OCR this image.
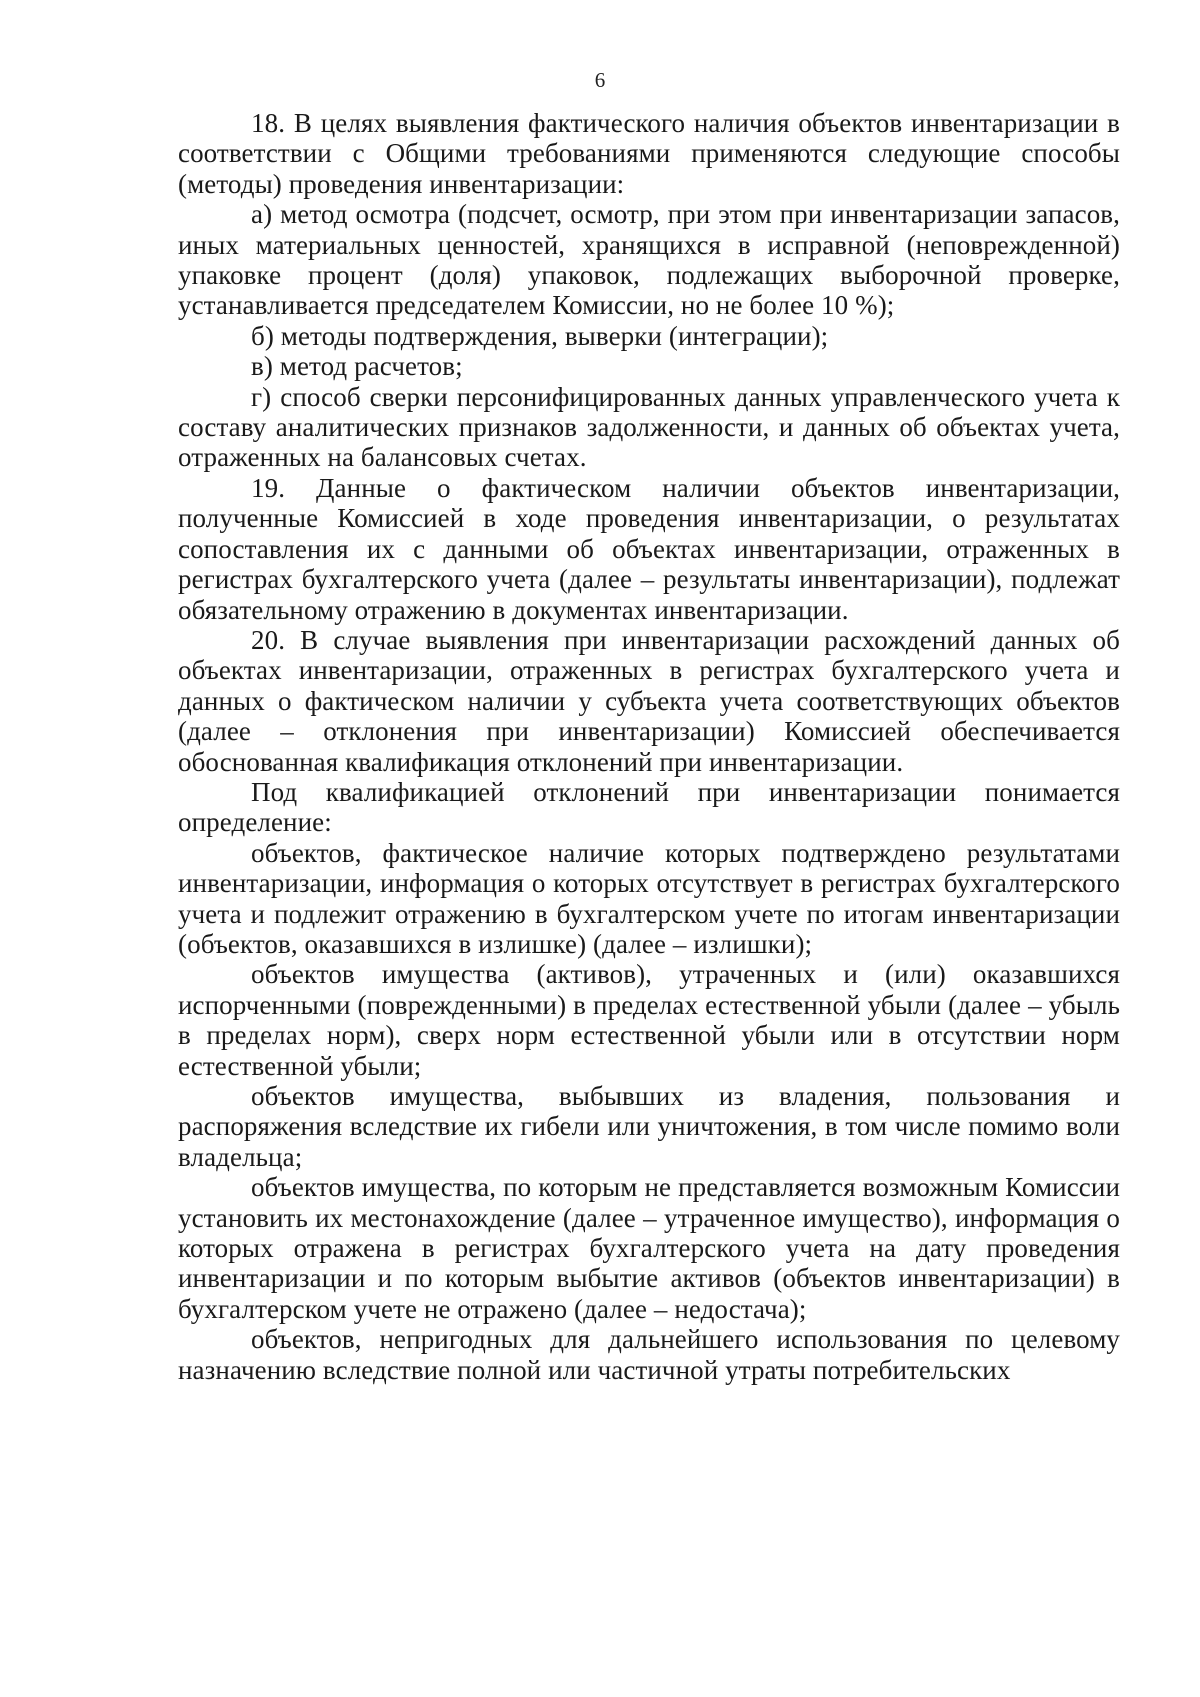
6

18. В целях выявления фактического наличия объектов инвентаризации в соответствии с Общими требованиями применяются следующие способы (методы) проведения инвентаризации:

а) метод осмотра (подсчет, осмотр, при этом при инвентаризации запасов, иных материальных ценностей, хранящихся в исправной (неповрежденной) упаковке процент (доля) упаковок, подлежащих выборочной проверке, устанавливается председателем Комиссии, но не более 10 %);

б) методы подтверждения, выверки (интеграции);

в) метод расчетов;

г) способ сверки персонифицированных данных управленческого учета к составу аналитических признаков задолженности, и данных об объектах учета, отраженных на балансовых счетах.

19. Данные о фактическом наличии объектов инвентаризации, полученные Комиссией в ходе проведения инвентаризации, о результатах сопоставления их с данными об объектах инвентаризации, отраженных в регистрах бухгалтерского учета (далее – результаты инвентаризации), подлежат обязательному отражению в документах инвентаризации.

20. В случае выявления при инвентаризации расхождений данных об объектах инвентаризации, отраженных в регистрах бухгалтерского учета и данных о фактическом наличии у субъекта учета соответствующих объектов (далее – отклонения при инвентаризации) Комиссией обеспечивается обоснованная квалификация отклонений при инвентаризации.

Под квалификацией отклонений при инвентаризации понимается определение:

объектов, фактическое наличие которых подтверждено результатами инвентаризации, информация о которых отсутствует в регистрах бухгалтерского учета и подлежит отражению в бухгалтерском учете по итогам инвентаризации (объектов, оказавшихся в излишке) (далее – излишки);

объектов имущества (активов), утраченных и (или) оказавшихся испорченными (поврежденными) в пределах естественной убыли (далее – убыль в пределах норм), сверх норм естественной убыли или в отсутствии норм естественной убыли;

объектов имущества, выбывших из владения, пользования и распоряжения вследствие их гибели или уничтожения, в том числе помимо воли владельца;

объектов имущества, по которым не представляется возможным Комиссии установить их местонахождение (далее – утраченное имущество), информация о которых отражена в регистрах бухгалтерского учета на дату проведения инвентаризации и по которым выбытие активов (объектов инвентаризации) в бухгалтерском учете не отражено (далее – недостача);

объектов, непригодных для дальнейшего использования по целевому назначению вследствие полной или частичной утраты потребительских
